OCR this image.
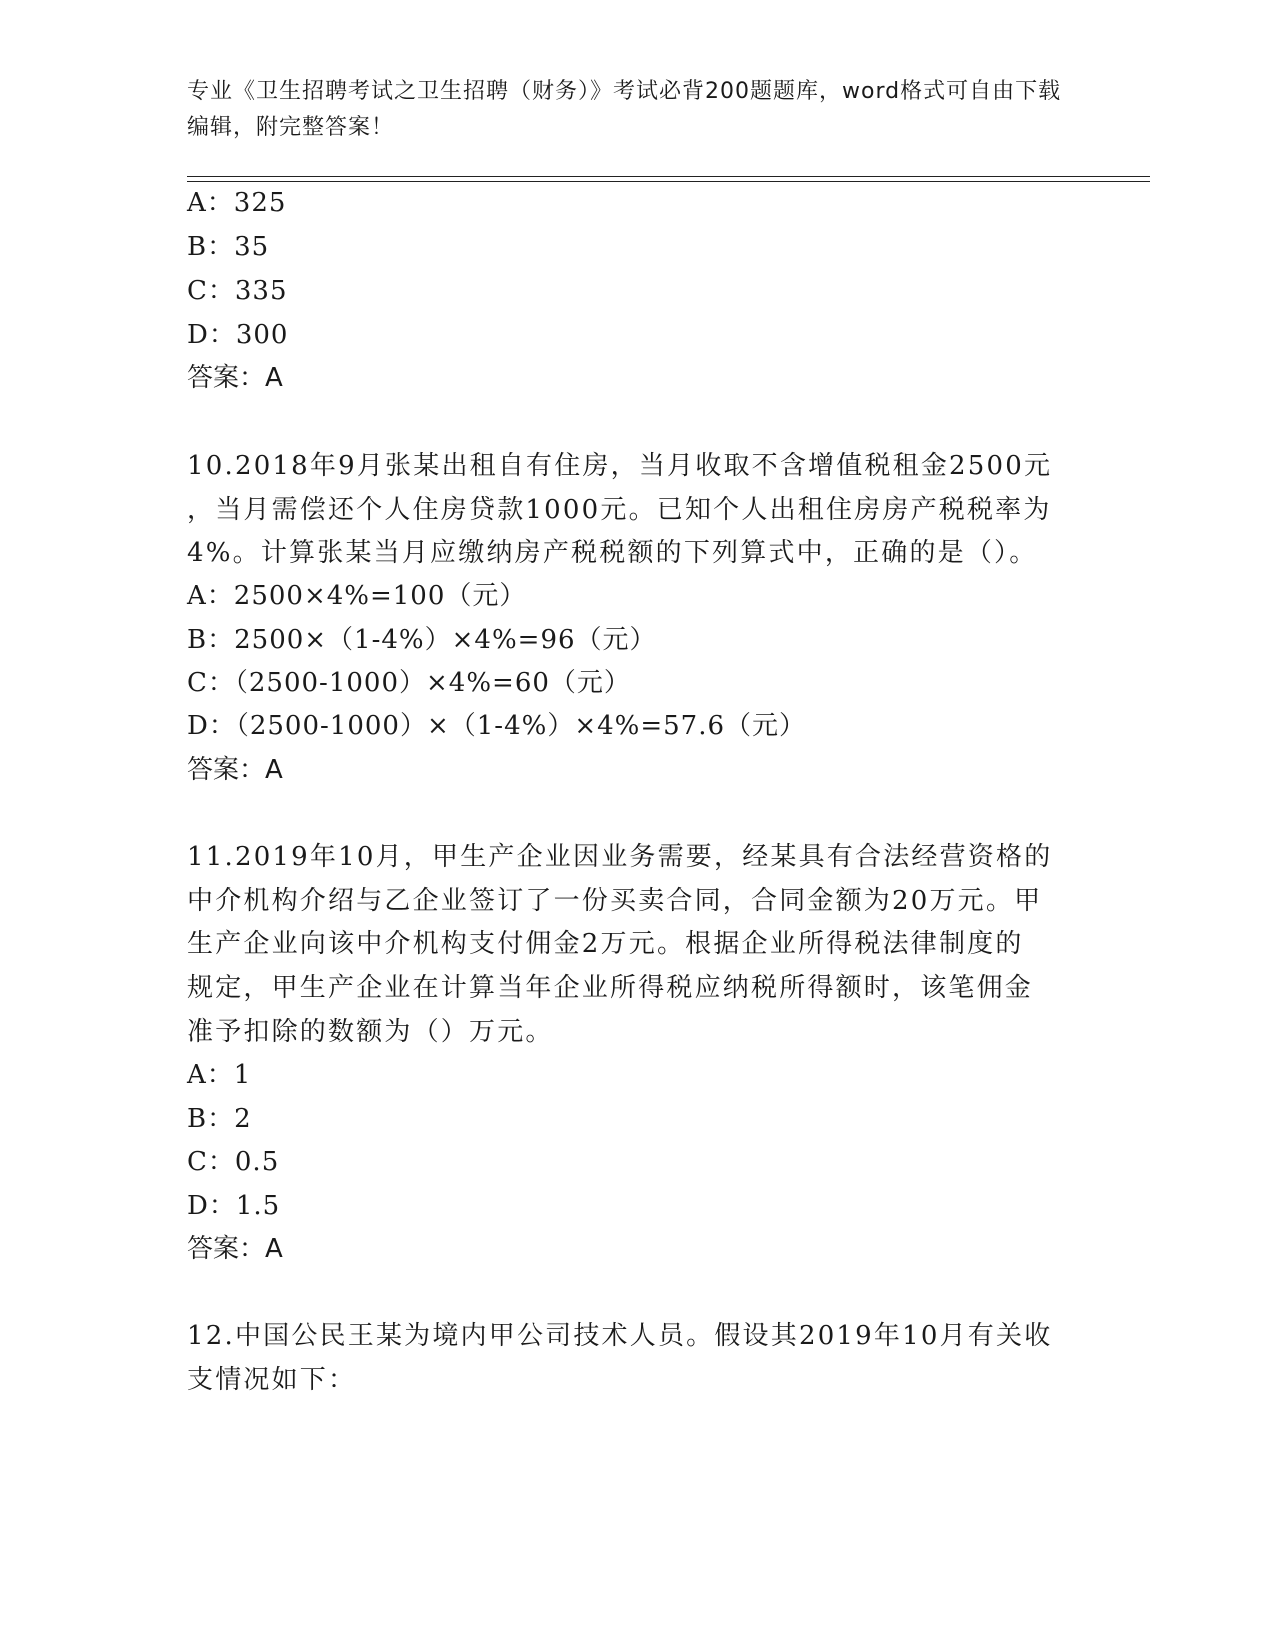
专业《卫生招聘考试之卫生招聘（财务）》考试必背200题题库，word格式可自由下载编辑，附完整答案！
A：325
B：35
C：335
D：300
答案：A
10.2018年9月张某出租自有住房，当月收取不含增值税租金2500元
，当月需偿还个人住房贷款1000元。已知个人出租住房房产税税率为
4%。计算张某当月应缴纳房产税税额的下列算式中，正确的是（）。
A：2500×4%=100（元）
B：2500×（1-4%）×4%=96（元）
C：（2500-1000）×4%=60（元）
D：（2500-1000）×（1-4%）×4%=57.6（元）
答案：A
11.2019年10月，甲生产企业因业务需要，经某具有合法经营资格的
中介机构介绍与乙企业签订了一份买卖合同，合同金额为20万元。甲
生产企业向该中介机构支付佣金2万元。根据企业所得税法律制度的
规定，甲生产企业在计算当年企业所得税应纳税所得额时，该笔佣金
准予扣除的数额为（）万元。
A：1
B：2
C：0.5
D：1.5
答案：A
12.中国公民王某为境内甲公司技术人员。假设其2019年10月有关收
支情况如下：
